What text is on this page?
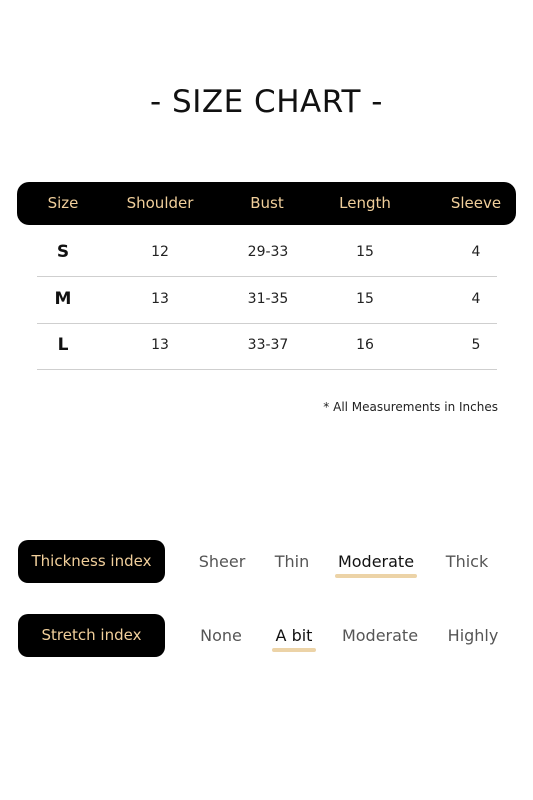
- SIZE CHART -
Size	Shoulder	Bust	Length	Sleeve
S	12	29-33	15	4
M	13	31-35	15	4
L	13	33-37	16	5
* All Measurements in Inches
Thickness index	Sheer Thin Moderate Thick
Stretch index	None A bit Moderate Highly
